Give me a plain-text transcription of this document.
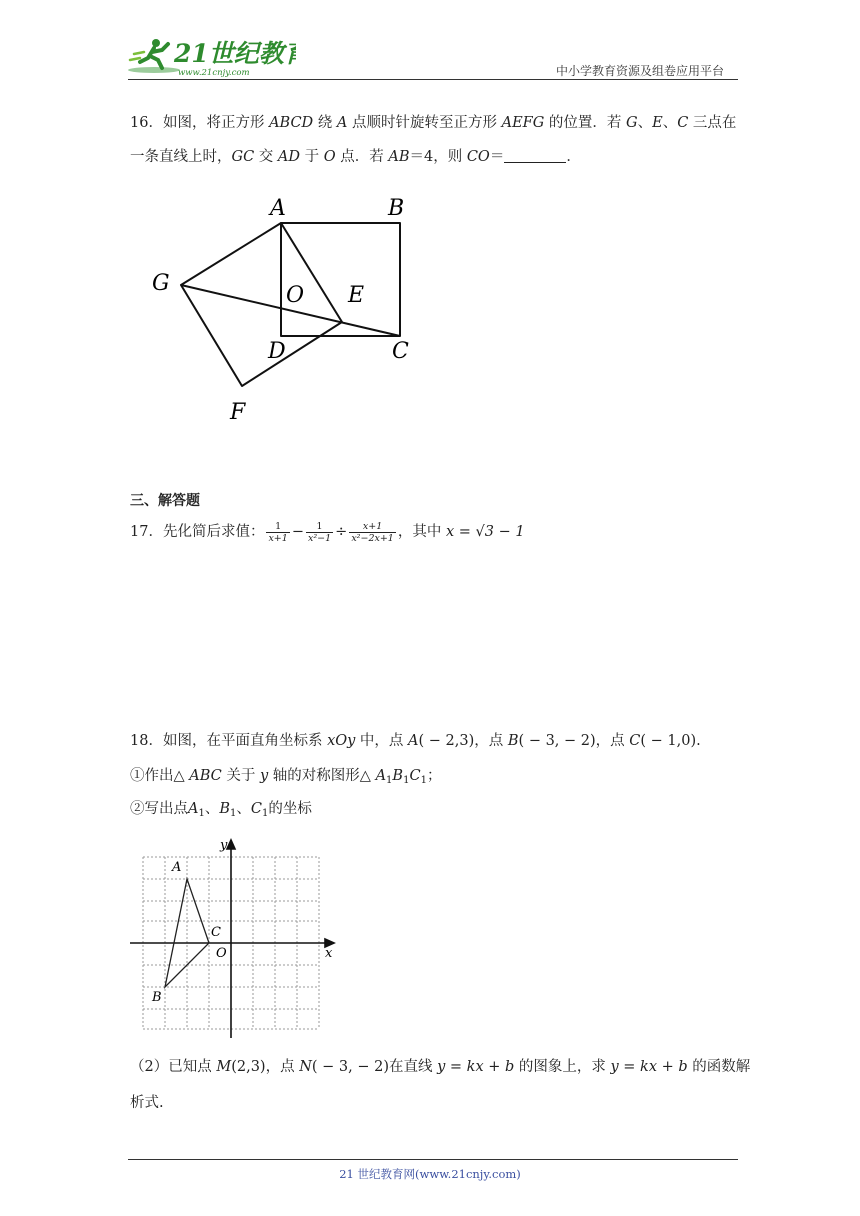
21世纪教育
www.21cnjy.com	中小学教育资源及组卷应用平台
16．如图，将正方形 ABCD 绕 A 点顺时针旋转至正方形 AEFG 的位置．若 G、E、C 三点在
一条直线上时，GC 交 AD 于 O 点．若 AB＝4，则 CO＝	．
A	B
C
D
E
F
G	O
三、解答题
17．先化简后求值： $\frac{1}{x+1} - \frac{1}{\text{x²−1}} \div \frac{x+1}{\text{x²−2x+1}}$ ，其中 x = √3 − 1
18．如图，在平面直角坐标系 xOy 中，点 A( − 2,3)，点 B( − 3, − 2)，点 C( − 1,0).
①作出△ ABC 关于 y 轴的对称图形△ $A_1B_1C_1$；
②写出点$A_1$、$B_1$、$C_1$的坐标
x
y
O
A
B
C
（2）已知点 M(2,3)，点 N( − 3, − 2)在直线 y = kx + b 的图象上，求 y = kx + b 的函数解
析式.
21 世纪教育网(www.21cnjy.com)
